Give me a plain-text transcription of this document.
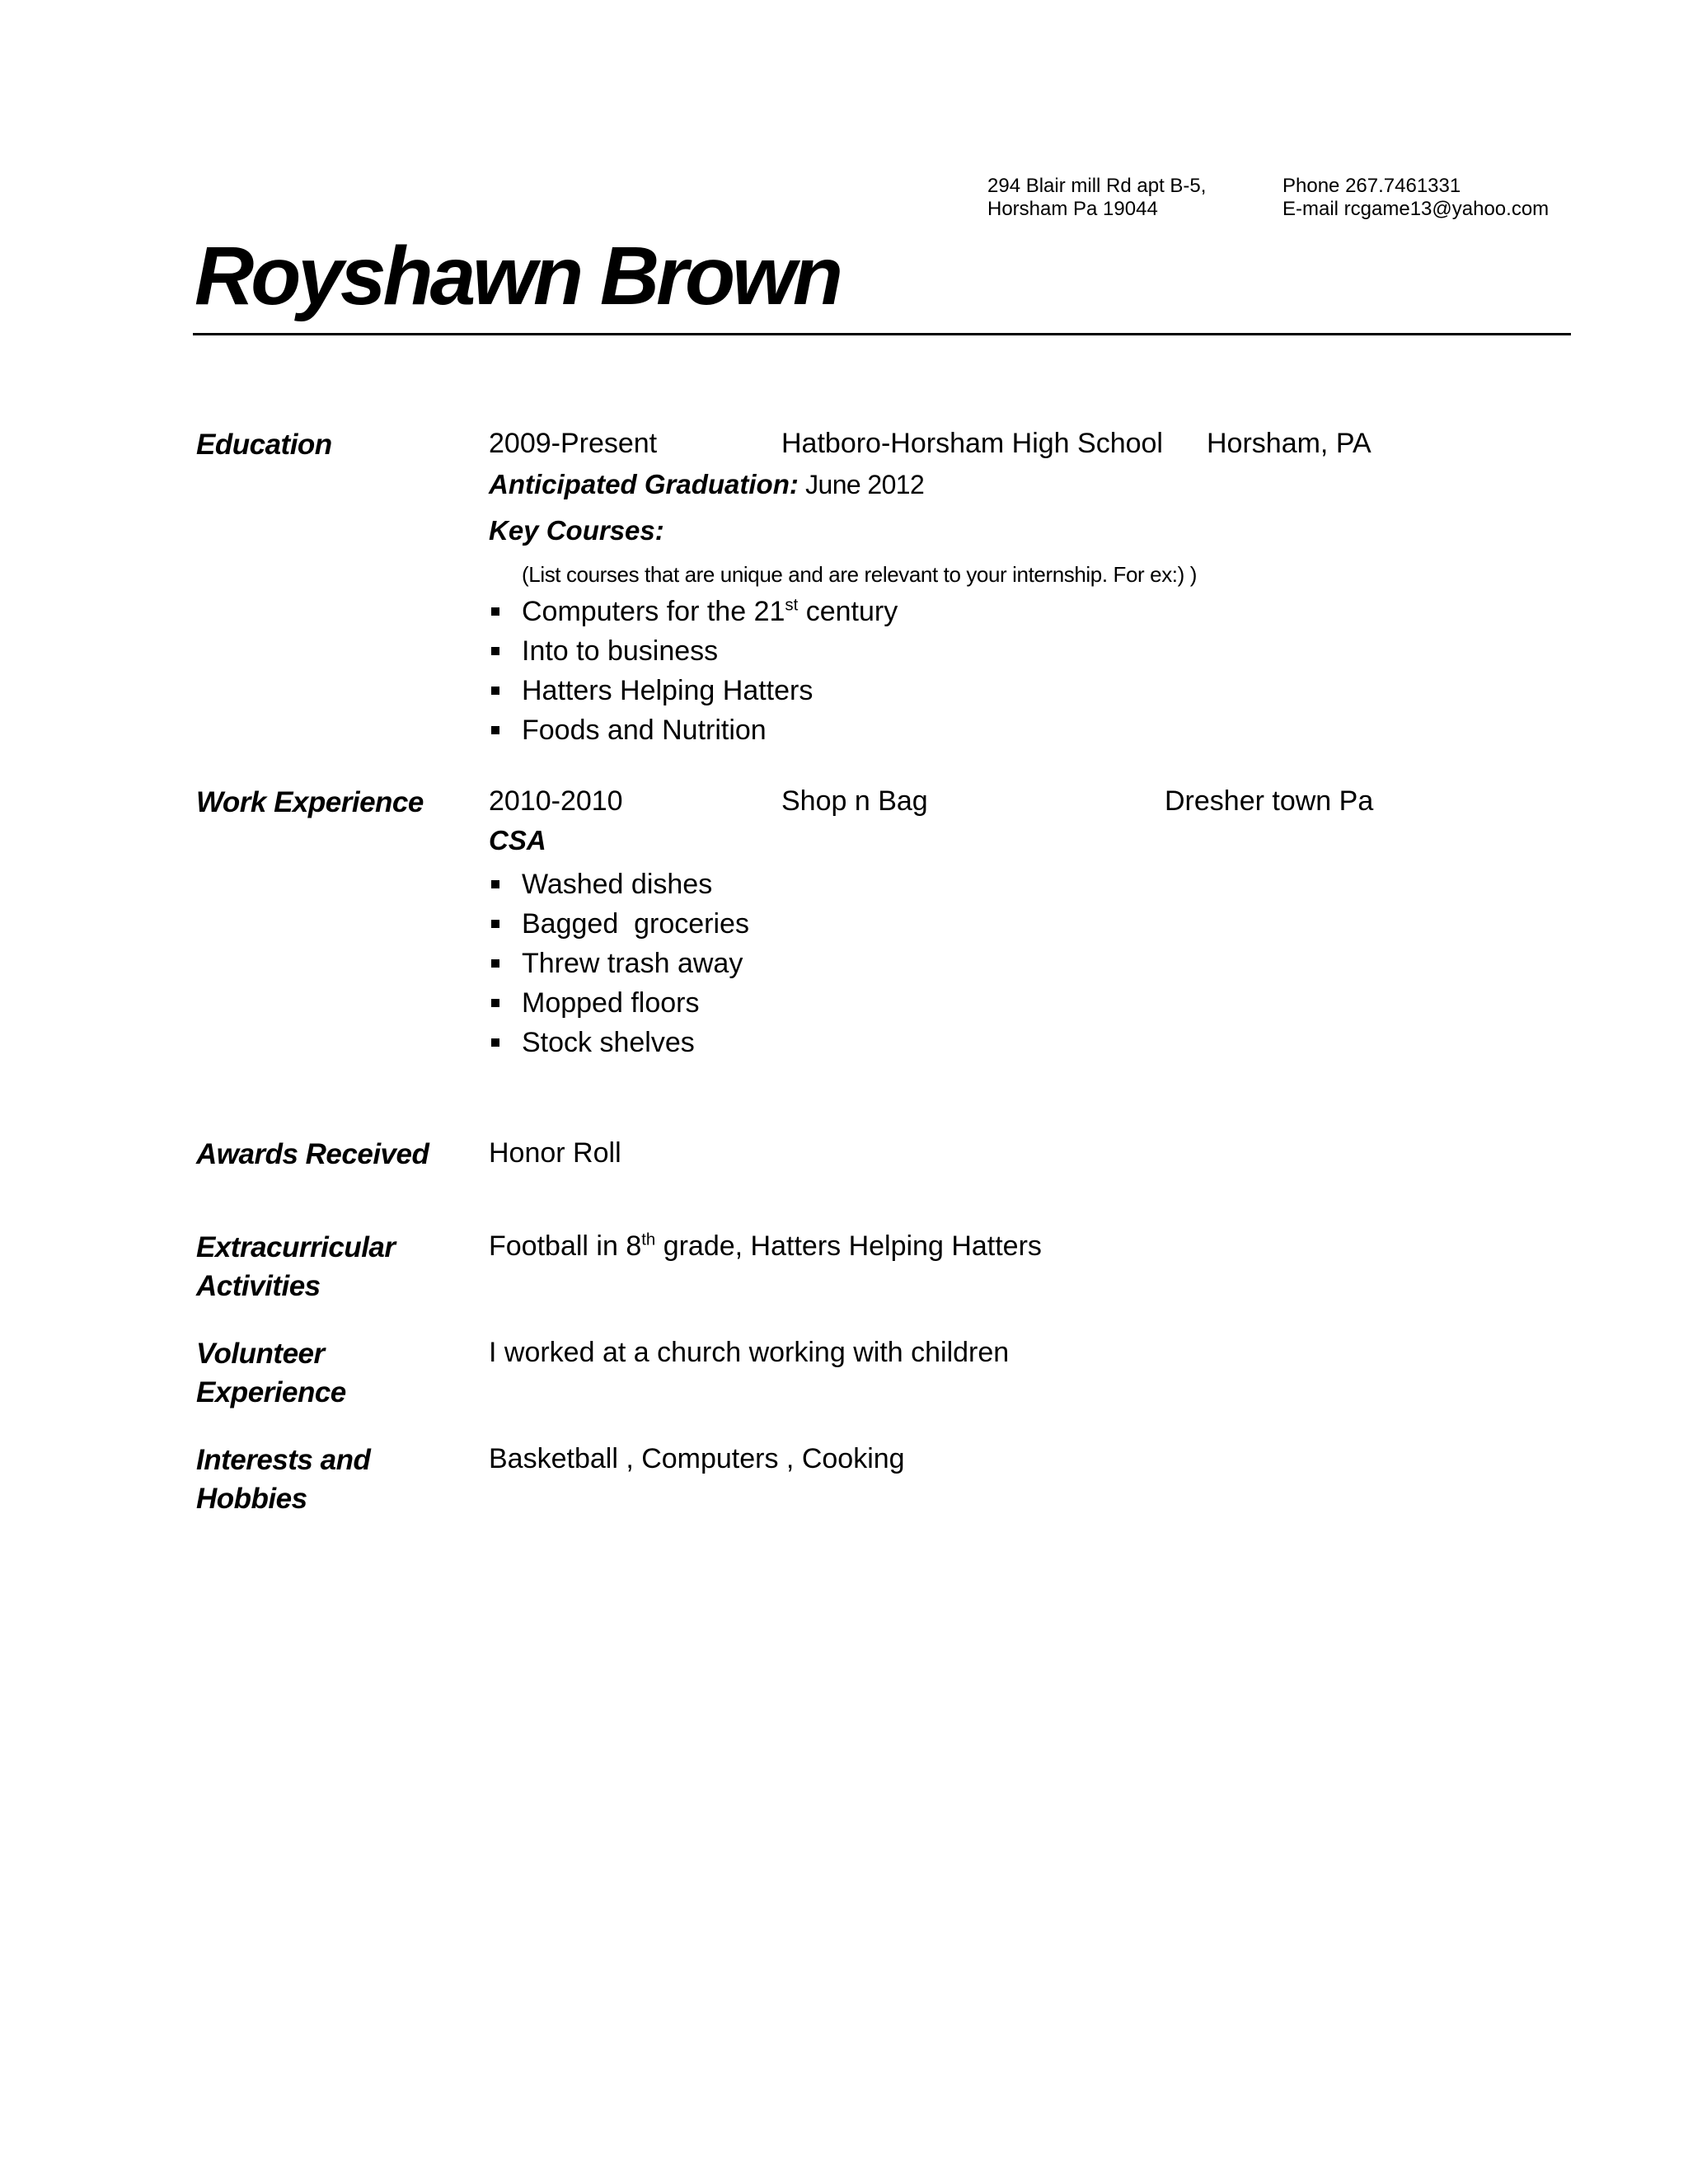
294 Blair mill Rd apt B-5,
Horsham Pa 19044
Phone 267.7461331
E-mail rcgame13@yahoo.com
Royshawn Brown
Education	2009-Present	Hatboro-Horsham High School Horsham, PA
Anticipated Graduation: June 2012
Key Courses:
(List courses that are unique and are relevant to your internship. For ex:) )
Computers for the 21st century
Into to business
Hatters Helping Hatters
Foods and Nutrition
Work Experience 2010-2010	Shop n Bag	Dresher town Pa
CSA
Washed dishes
Bagged  groceries
Threw trash away
Mopped floors
Stock shelves
Awards Received Honor Roll
Extracurricular
Activities
Football in 8th grade, Hatters Helping Hatters
Volunteer
Experience
I worked at a church working with children
Interests and
Hobbies
Basketball , Computers , Cooking
